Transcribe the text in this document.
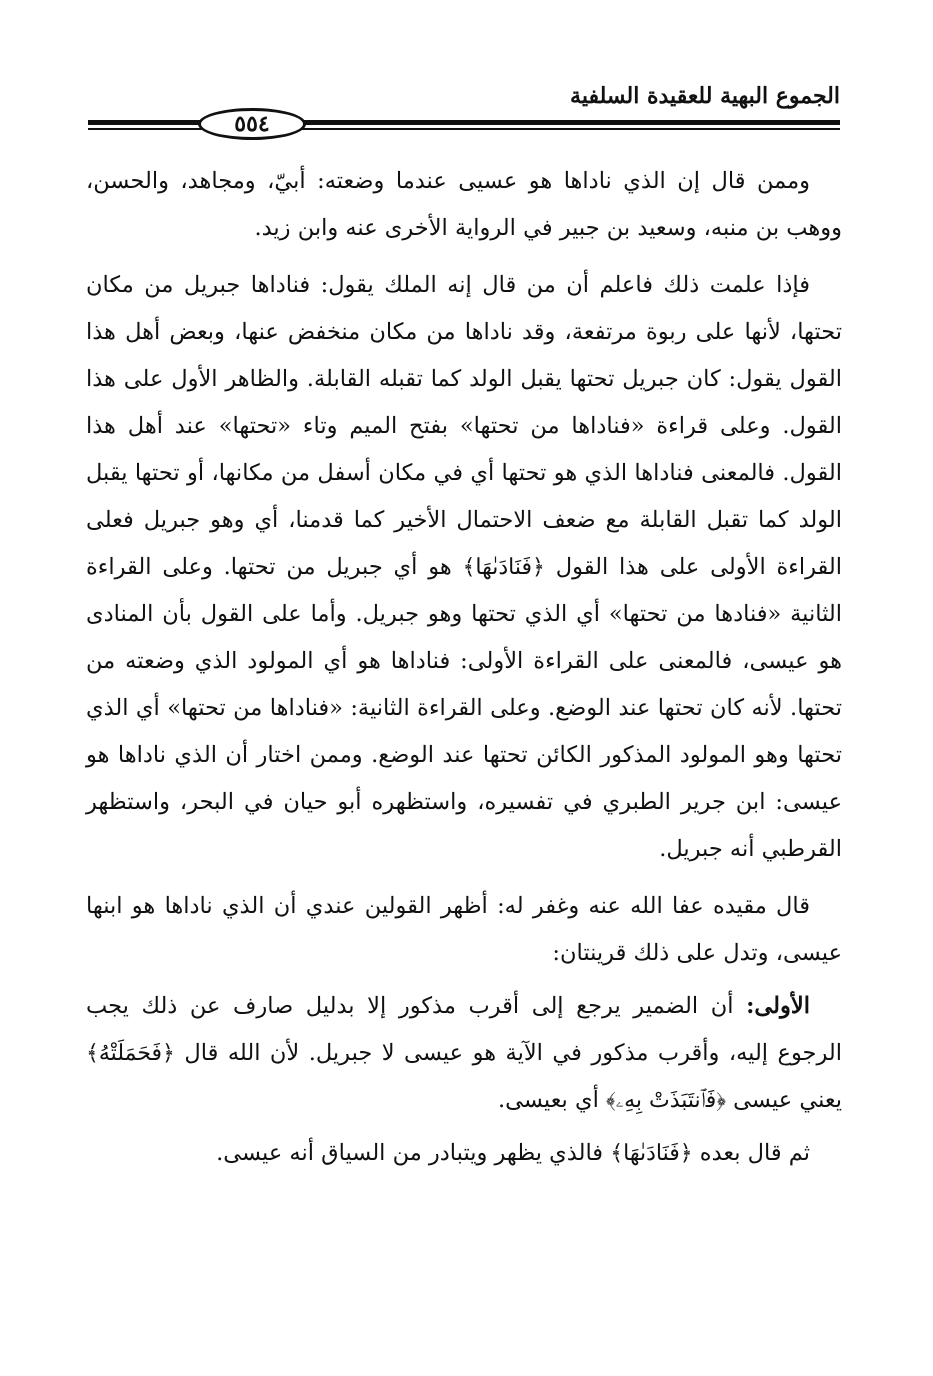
الجموع البهية للعقيدة السلفية
٥٥٤

وممن قال إن الذي ناداها هو عسيى عندما وضعته: أبيّ، ومجاهد، والحسن، ووهب بن منبه، وسعيد بن جبير في الرواية الأخرى عنه وابن زيد.

فإذا علمت ذلك فاعلم أن من قال إنه الملك يقول: فناداها جبريل من مكان تحتها، لأنها على ربوة مرتفعة، وقد ناداها من مكان منخفض عنها، وبعض أهل هذا القول يقول: كان جبريل تحتها يقبل الولد كما تقبله القابلة. والظاهر الأول على هذا القول. وعلى قراءة «فناداها من تحتها» بفتح الميم وتاء «تحتها» عند أهل هذا القول. فالمعنى فناداها الذي هو تحتها أي في مكان أسفل من مكانها، أو تحتها يقبل الولد كما تقبل القابلة مع ضعف الاحتمال الأخير كما قدمنا، أي وهو جبريل فعلى القراءة الأولى على هذا القول ﴿فَنَادَىٰهَا﴾ هو أي جبريل من تحتها. وعلى القراءة الثانية «فنادها من تحتها» أي الذي تحتها وهو جبريل. وأما على القول بأن المنادى هو عيسى، فالمعنى على القراءة الأولى: فناداها هو أي المولود الذي وضعته من تحتها. لأنه كان تحتها عند الوضع. وعلى القراءة الثانية: «فناداها من تحتها» أي الذي تحتها وهو المولود المذكور الكائن تحتها عند الوضع. وممن اختار أن الذي ناداها هو عيسى: ابن جرير الطبري في تفسيره، واستظهره أبو حيان في البحر، واستظهر القرطبي أنه جبريل.

قال مقيده عفا الله عنه وغفر له: أظهر القولين عندي أن الذي ناداها هو ابنها عيسى، وتدل على ذلك قرينتان:

الأولى: أن الضمير يرجع إلى أقرب مذكور إلا بدليل صارف عن ذلك يجب الرجوع إليه، وأقرب مذكور في الآية هو عيسى لا جبريل. لأن الله قال ﴿فَحَمَلَتْهُ﴾ يعني عيسى ﴿فَٱنتَبَذَتْ بِهِۦ﴾ أي بعيسى.

ثم قال بعده ﴿فَنَادَىٰهَا﴾ فالذي يظهر ويتبادر من السياق أنه عيسى.
